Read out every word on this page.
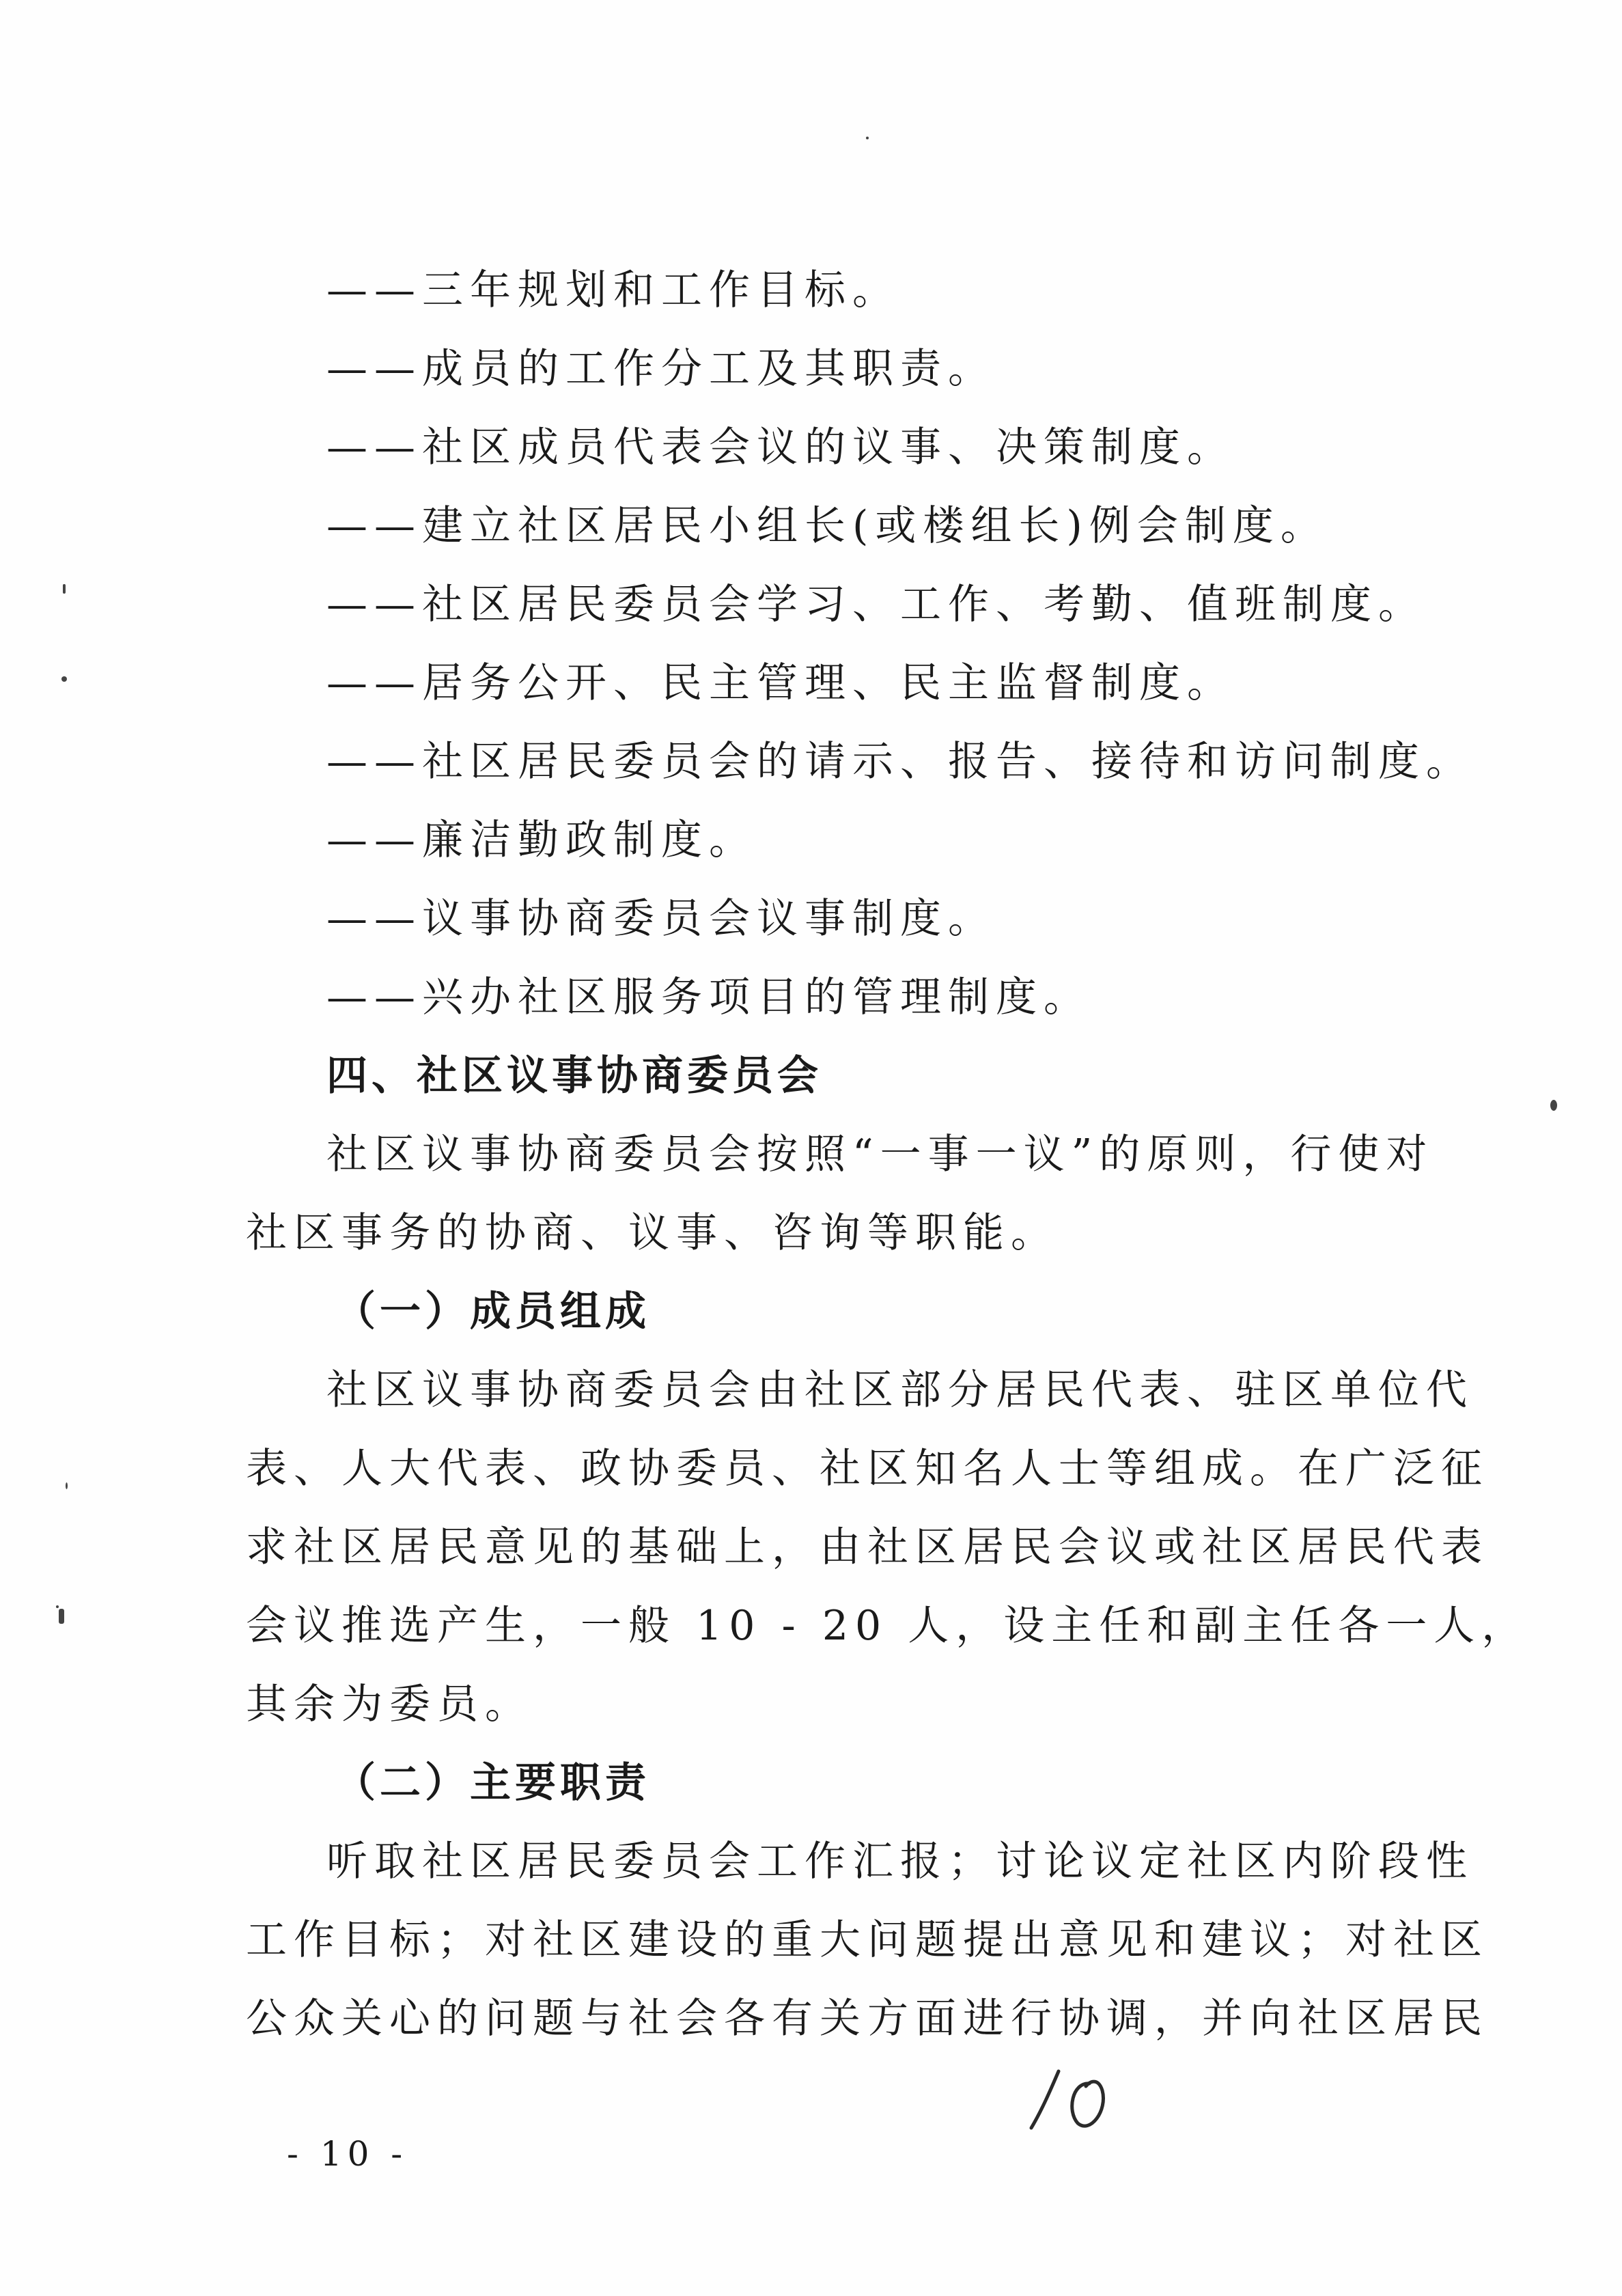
——三年规划和工作目标。
——成员的工作分工及其职责。
——社区成员代表会议的议事、决策制度。
——建立社区居民小组长(或楼组长)例会制度。
——社区居民委员会学习、工作、考勤、值班制度。
——居务公开、民主管理、民主监督制度。
——社区居民委员会的请示、报告、接待和访问制度。
——廉洁勤政制度。
——议事协商委员会议事制度。
——兴办社区服务项目的管理制度。
四、社区议事协商委员会
社区议事协商委员会按照“一事一议”的原则，行使对
社区事务的协商、议事、咨询等职能。
（一）成员组成
社区议事协商委员会由社区部分居民代表、驻区单位代
表、人大代表、政协委员、社区知名人士等组成。在广泛征
求社区居民意见的基础上，由社区居民会议或社区居民代表
会议推选产生，一般 10 - 20 人，设主任和副主任各一人，
其余为委员。
（二）主要职责
听取社区居民委员会工作汇报；讨论议定社区内阶段性
工作目标；对社区建设的重大问题提出意见和建议；对社区
公众关心的问题与社会各有关方面进行协调，并向社区居民
- 10 -
